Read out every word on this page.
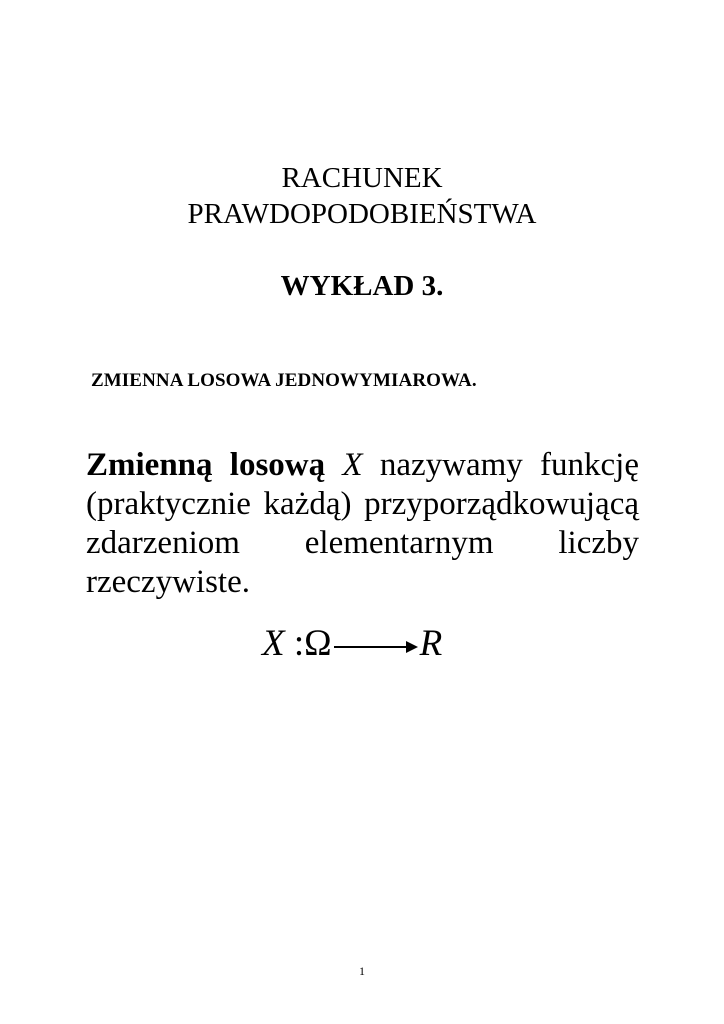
RACHUNEK
PRAWDOPODOBIEŃSTWA
WYKŁAD 3.
ZMIENNA LOSOWA JEDNOWYMIAROWA.
Zmienną losową X nazywamy funkcję
(praktycznie każdą) przyporządkowującą
zdarzeniom elementarnym liczby
rzeczywiste.
X :Ω R
1
